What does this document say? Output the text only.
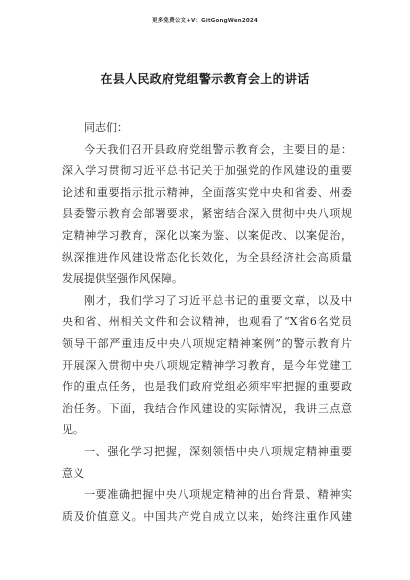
更多免费公文+V：GitGongWen2024
在县人民政府党组警示教育会上的讲话
同志们：
今天我们召开县政府党组警示教育会，主要目的是：
深入学习贯彻习近平总书记关于加强党的作风建设的重要
论述和重要指示批示精神，全面落实党中央和省委、州委
县委警示教育会部署要求，紧密结合深入贯彻中央八项规
定精神学习教育，深化以案为鉴、以案促改、以案促治，
纵深推进作风建设常态化长效化，为全县经济社会高质量
发展提供坚强作风保障。
刚才，我们学习了习近平总书记的重要文章，以及中
央和省、州相关文件和会议精神，也观看了“X省6名党员
领导干部严重违反中央八项规定精神案例”的警示教育片
开展深入贯彻中央八项规定精神学习教育，是今年党建工
作的重点任务，也是我们政府党组必须牢牢把握的重要政
治任务。下面，我结合作风建设的实际情况，我讲三点意
见。
一、强化学习把握，深刻领悟中央八项规定精神重要
意义
一要准确把握中央八项规定精神的出台背景、精神实
质及价值意义。中国共产党自成立以来，始终注重作风建
